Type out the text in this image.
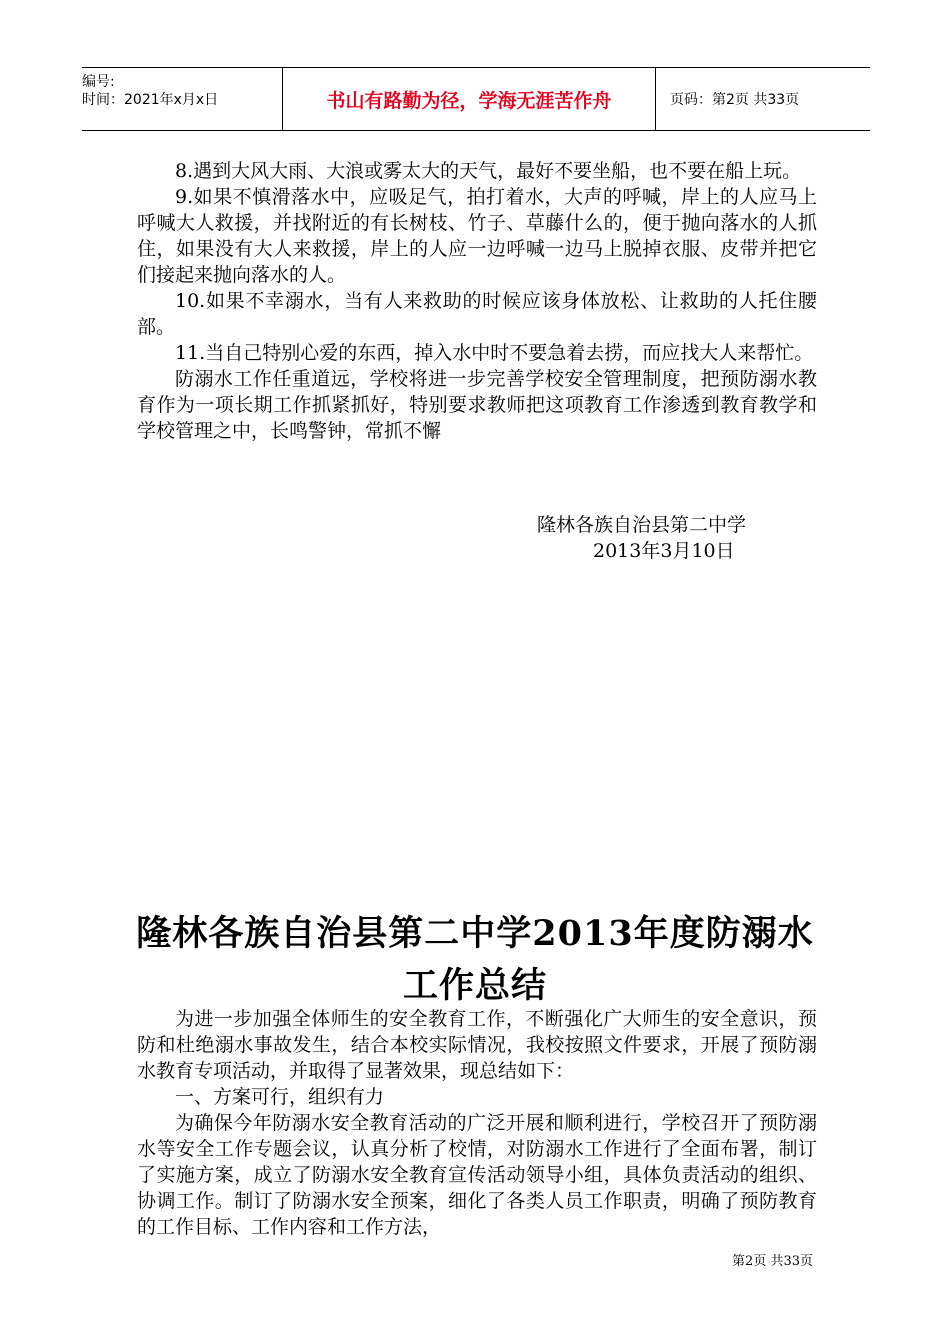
编号:
时间：2021年x月x日	书山有路勤为径，学海无涯苦作舟	页码：第2页 共33页

8.遇到大风大雨、大浪或雾太大的天气，最好不要坐船，也不要在船上玩。

9.如果不慎滑落水中，应吸足气，拍打着水，大声的呼喊，岸上的人应马上呼喊大人救援，并找附近的有长树枝、竹子、草藤什么的，便于抛向落水的人抓住，如果没有大人来救援，岸上的人应一边呼喊一边马上脱掉衣服、皮带并把它们接起来抛向落水的人。

10.如果不幸溺水，当有人来救助的时候应该身体放松、让救助的人托住腰部。

11.当自己特别心爱的东西，掉入水中时不要急着去捞，而应找大人来帮忙。

防溺水工作任重道远，学校将进一步完善学校安全管理制度，把预防溺水教育作为一项长期工作抓紧抓好，特别要求教师把这项教育工作渗透到教育教学和学校管理之中，长鸣警钟，常抓不懈

隆林各族自治县第二中学
2013年3月10日
隆林各族自治县第二中学2013年度防溺水
工作总结

为进一步加强全体师生的安全教育工作，不断强化广大师生的安全意识，预防和杜绝溺水事故发生，结合本校实际情况，我校按照文件要求，开展了预防溺水教育专项活动，并取得了显著效果，现总结如下：

一、方案可行，组织有力

为确保今年防溺水安全教育活动的广泛开展和顺利进行，学校召开了预防溺水等安全工作专题会议，认真分析了校情，对防溺水工作进行了全面布署，制订了实施方案，成立了防溺水安全教育宣传活动领导小组，具体负责活动的组织、协调工作。制订了防溺水安全预案，细化了各类人员工作职责，明确了预防教育的工作目标、工作内容和工作方法，

第2页 共33页
